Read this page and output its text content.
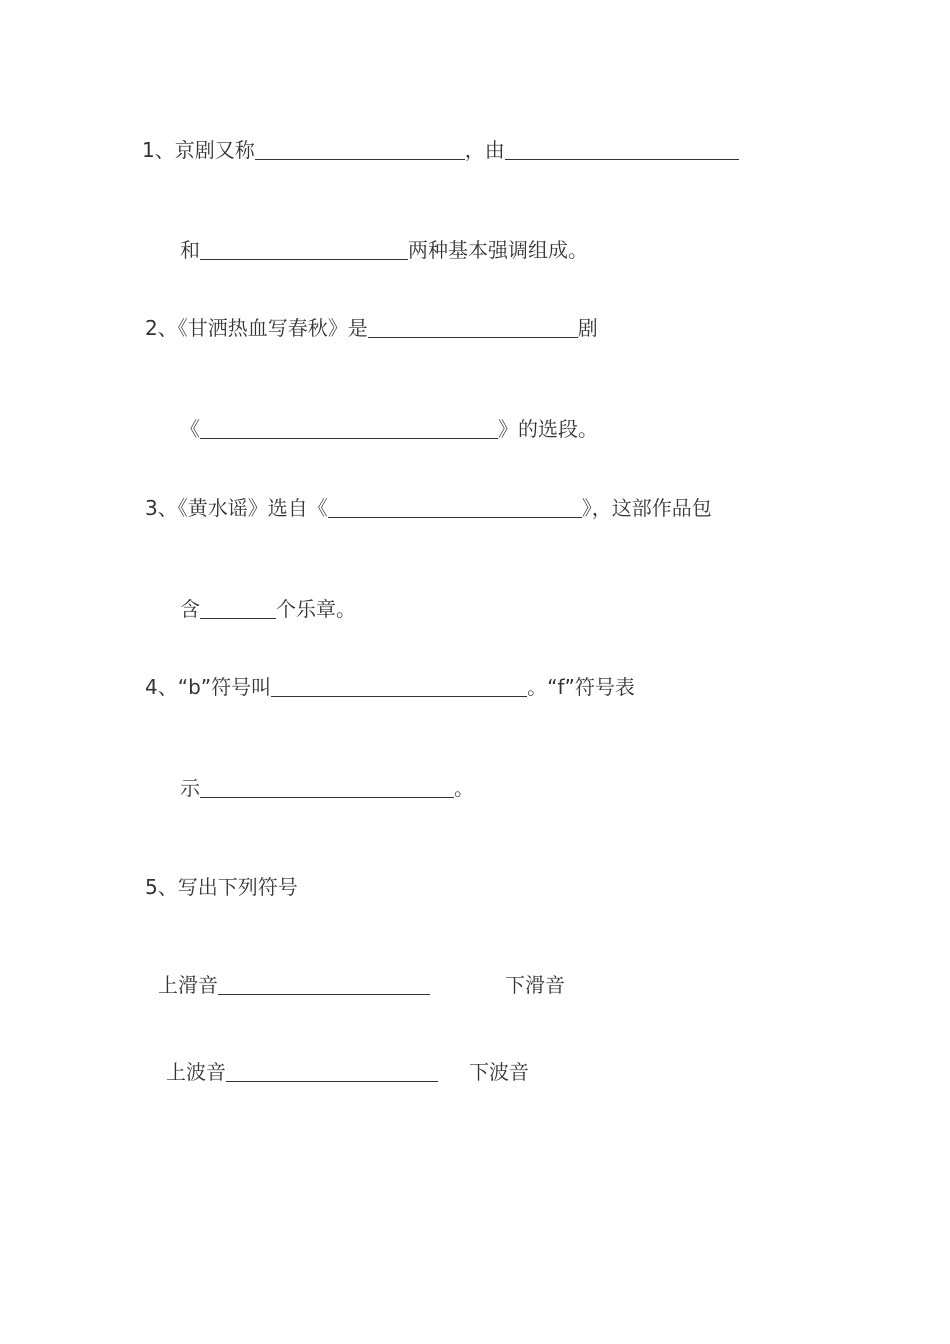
1、京剧又称	，由
和	两种基本强调组成。
2、《甘洒热血写春秋》是	剧
《	》的选段。
3、《黄水谣》选自《	》，这部作品包
含	个乐章。
4、“b”符号叫	。“f”符号表
示	。
5、写出下列符号
上滑音	下滑音
上波音	下波音
